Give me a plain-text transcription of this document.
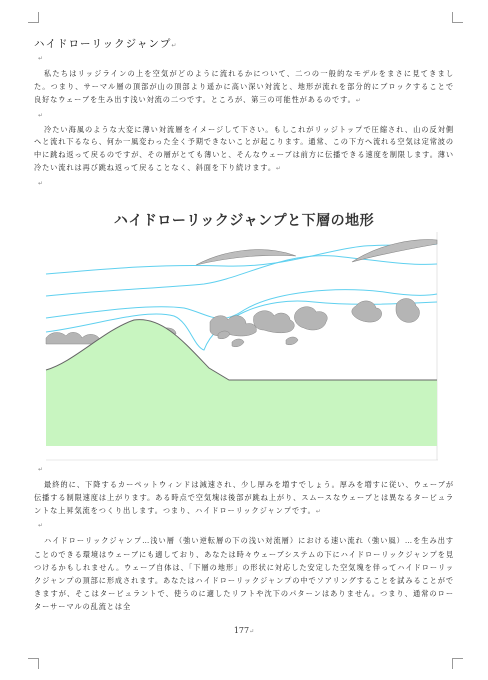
ハイドローリックジャンプ↵
↵

私たちはリッジラインの上を空気がどのように流れるかについて、二つの一般的なモデルをまさに見てきました。つまり、サーマル層の頂部が山の頂部より遥かに高い深い対流と、地形が流れを部分的にブロックすることで良好なウェーブを生み出す浅い対流の二つです。ところが、第三の可能性があるのです。↵

↵

冷たい海風のような大変に薄い対流層をイメージして下さい。もしこれがリッジトップで圧縮され、山の反対側へと流れ下るなら、何か一風変わった全く予期できないことが起こります。通常、この下方へ流れる空気は定常波の中に跳ね返って戻るのですが、その層がとても薄いと、そんなウェーブは前方に伝播できる速度を制限します。薄い冷たい流れは再び跳ね返って戻ることなく、斜面を下り続けます。↵

↵
ハイドローリックジャンプと下層の地形
↵

最終的に、下降するカーペットウィンドは減速され、少し厚みを増すでしょう。厚みを増すに従い、ウェーブが伝播する制限速度は上がります。ある時点で空気塊は後部が跳ね上がり、スムースなウェーブとは異なるタービュラントな上昇気流をつくり出します。つまり、ハイドローリックジャンプです。↵

↵

ハイドローリックジャンプ…浅い層（強い逆転層の下の浅い対流層）における速い流れ（強い風）…を生み出すことのできる環境はウェーブにも適しており、あなたは時々ウェーブシステムの下にハイドローリックジャンプを見つけるかもしれません。ウェーブ自体は、「下層の地形」の形状に対応した安定した空気塊を伴ってハイドローリックジャンプの頂部に形成されます。あなたはハイドローリックジャンプの中でソアリングすることを試みることができますが、そこはタービュラントで、使うのに適したリフトや沈下のパターンはありません。つまり、通常のローターサーマルの乱流とは全

177↵
